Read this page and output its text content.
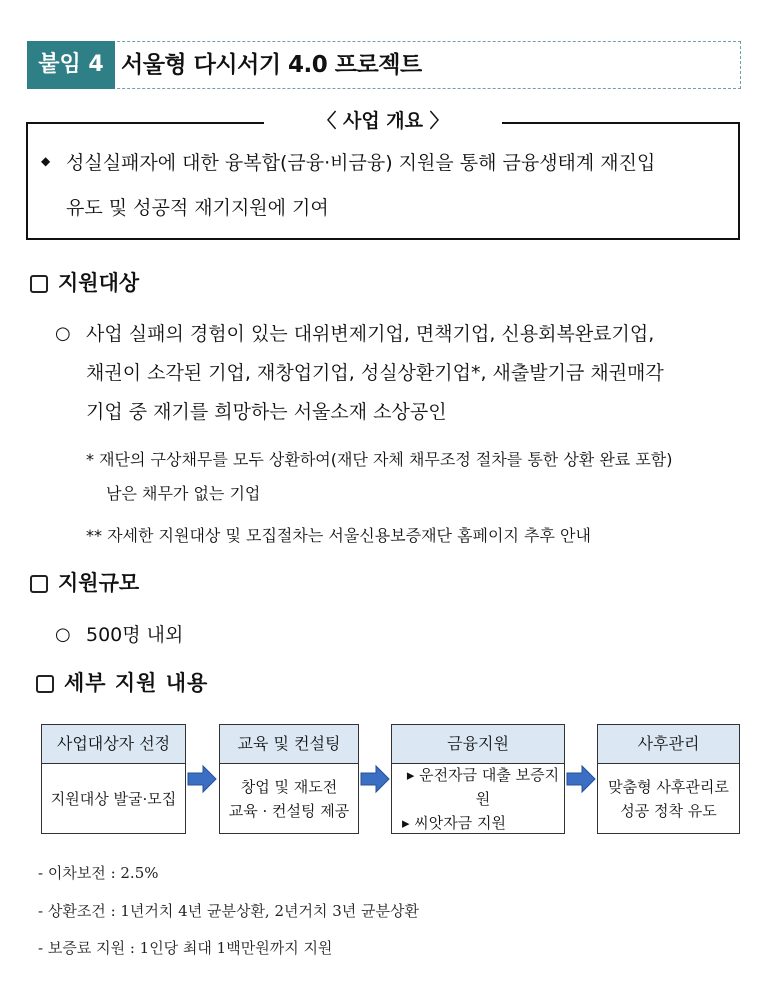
붙임 4 서울형 다시서기 4.0 프로젝트
〈 사업 개요 〉
◆ 성실실패자에 대한 융복합(금융·비금융) 지원을 통해 금융생태계 재진입
유도 및 성공적 재기지원에 기여
지원대상
○ 사업 실패의 경험이 있는 대위변제기업, 면책기업, 신용회복완료기업,
채권이 소각된 기업, 재창업기업, 성실상환기업*, 새출발기금 채권매각
기업 중 재기를 희망하는 서울소재 소상공인
* 재단의 구상채무를 모두 상환하여(재단 자체 채무조정 절차를 통한 상환 완료 포함)
남은 채무가 없는 기업
** 자세한 지원대상 및 모집절차는 서울신용보증재단 홈페이지 추후 안내
지원규모
○ 500명 내외
세부 지원 내용
사업대상자 선정
지원대상 발굴·모집
교육 및 컨설팅
창업 및 재도전
교육 · 컨설팅 제공
금융지원
▸ 운전자금 대출 보증지원
▸ 씨앗자금 지원
사후관리
맞춤형 사후관리로
성공 정착 유도
- 이차보전 : 2.5%
- 상환조건 : 1년거치 4년 균분상환, 2년거치 3년 균분상환
- 보증료 지원 : 1인당 최대 1백만원까지 지원
